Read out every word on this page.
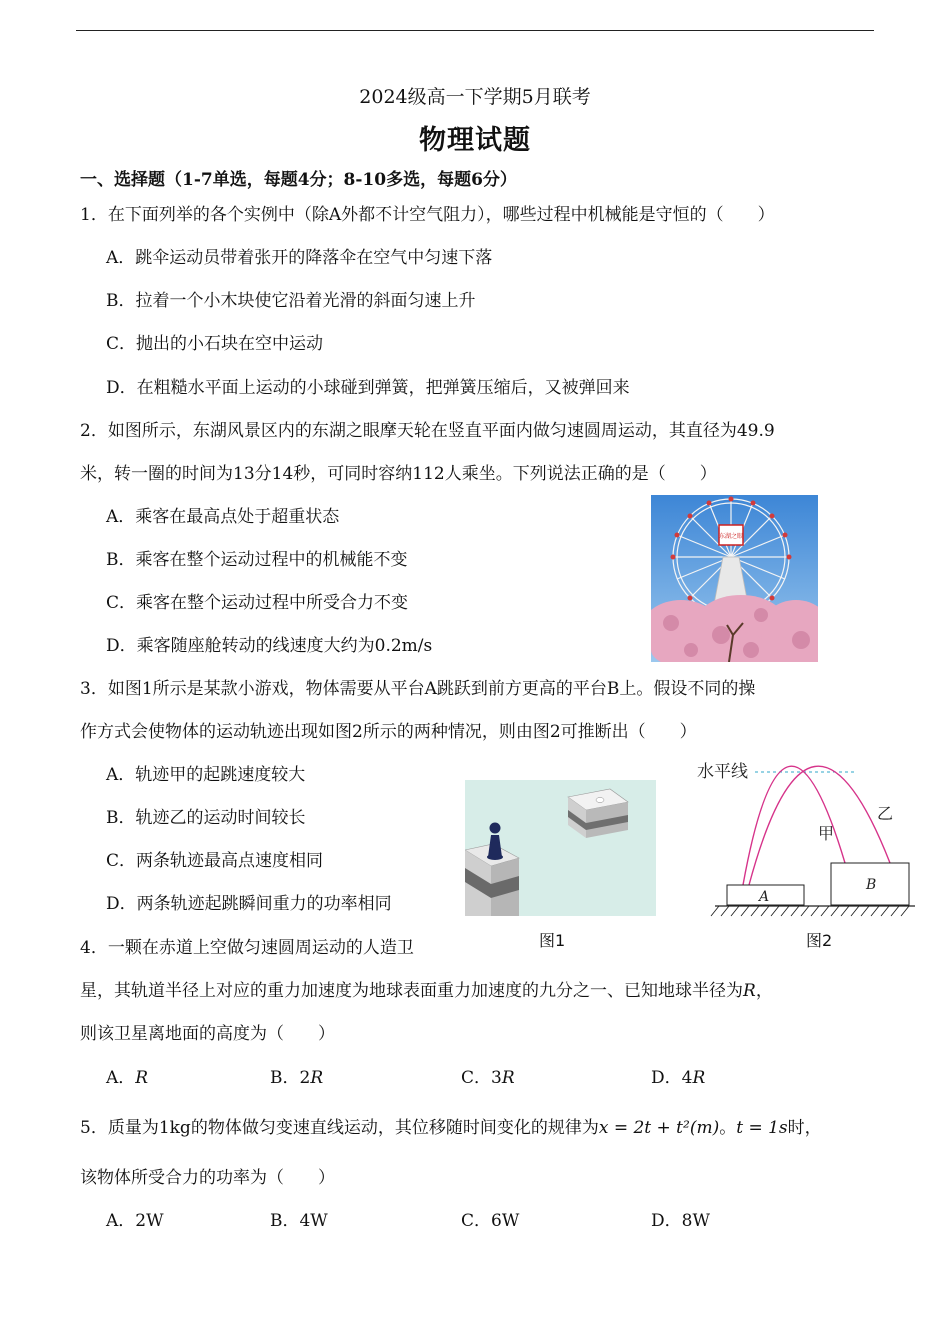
2024级高一下学期5月联考
物理试题
一、选择题（1-7单选，每题4分；8-10多选，每题6分）
1．在下面列举的各个实例中（除A外都不计空气阻力），哪些过程中机械能是守恒的（　　）
A．跳伞运动员带着张开的降落伞在空气中匀速下落
B．拉着一个小木块使它沿着光滑的斜面匀速上升
C．抛出的小石块在空中运动
D．在粗糙水平面上运动的小球碰到弹簧，把弹簧压缩后，又被弹回来
2．如图所示，东湖风景区内的东湖之眼摩天轮在竖直平面内做匀速圆周运动，其直径为49.9
米，转一圈的时间为13分14秒，可同时容纳112人乘坐。下列说法正确的是（　　）
A．乘客在最高点处于超重状态
B．乘客在整个运动过程中的机械能不变
C．乘客在整个运动过程中所受合力不变
D．乘客随座舱转动的线速度大约为0.2m/s
东湖之眼
3．如图1所示是某款小游戏，物体需要从平台A跳跃到前方更高的平台B上。假设不同的操
作方式会使物体的运动轨迹出现如图2所示的两种情况，则由图2可推断出（　　）
A．轨迹甲的起跳速度较大
B．轨迹乙的运动时间较长
C．两条轨迹最高点速度相同
D．两条轨迹起跳瞬间重力的功率相同
图1
水平线
甲
乙
A
B
图2
4．一颗在赤道上空做匀速圆周运动的人造卫
星，其轨道半径上对应的重力加速度为地球表面重力加速度的九分之一、已知地球半径为R，
则该卫星离地面的高度为（　　）
A．R	B．2R	C．3R	D．4R
5．质量为1kg的物体做匀变速直线运动，其位移随时间变化的规律为x = 2t + t²(m)。t = 1s时，
该物体所受合力的功率为（　　）
A．2W	B．4W	C．6W	D．8W
